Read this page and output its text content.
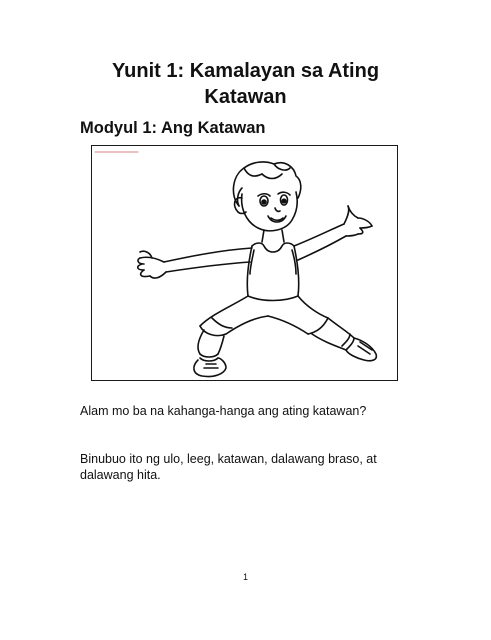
Yunit 1: Kamalayan sa Ating
Katawan
Modyul 1: Ang Katawan

Alam mo ba na kahanga-hanga ang ating katawan?

Binubuo ito ng ulo, leeg, katawan, dalawang braso, at dalawang hita.

1
